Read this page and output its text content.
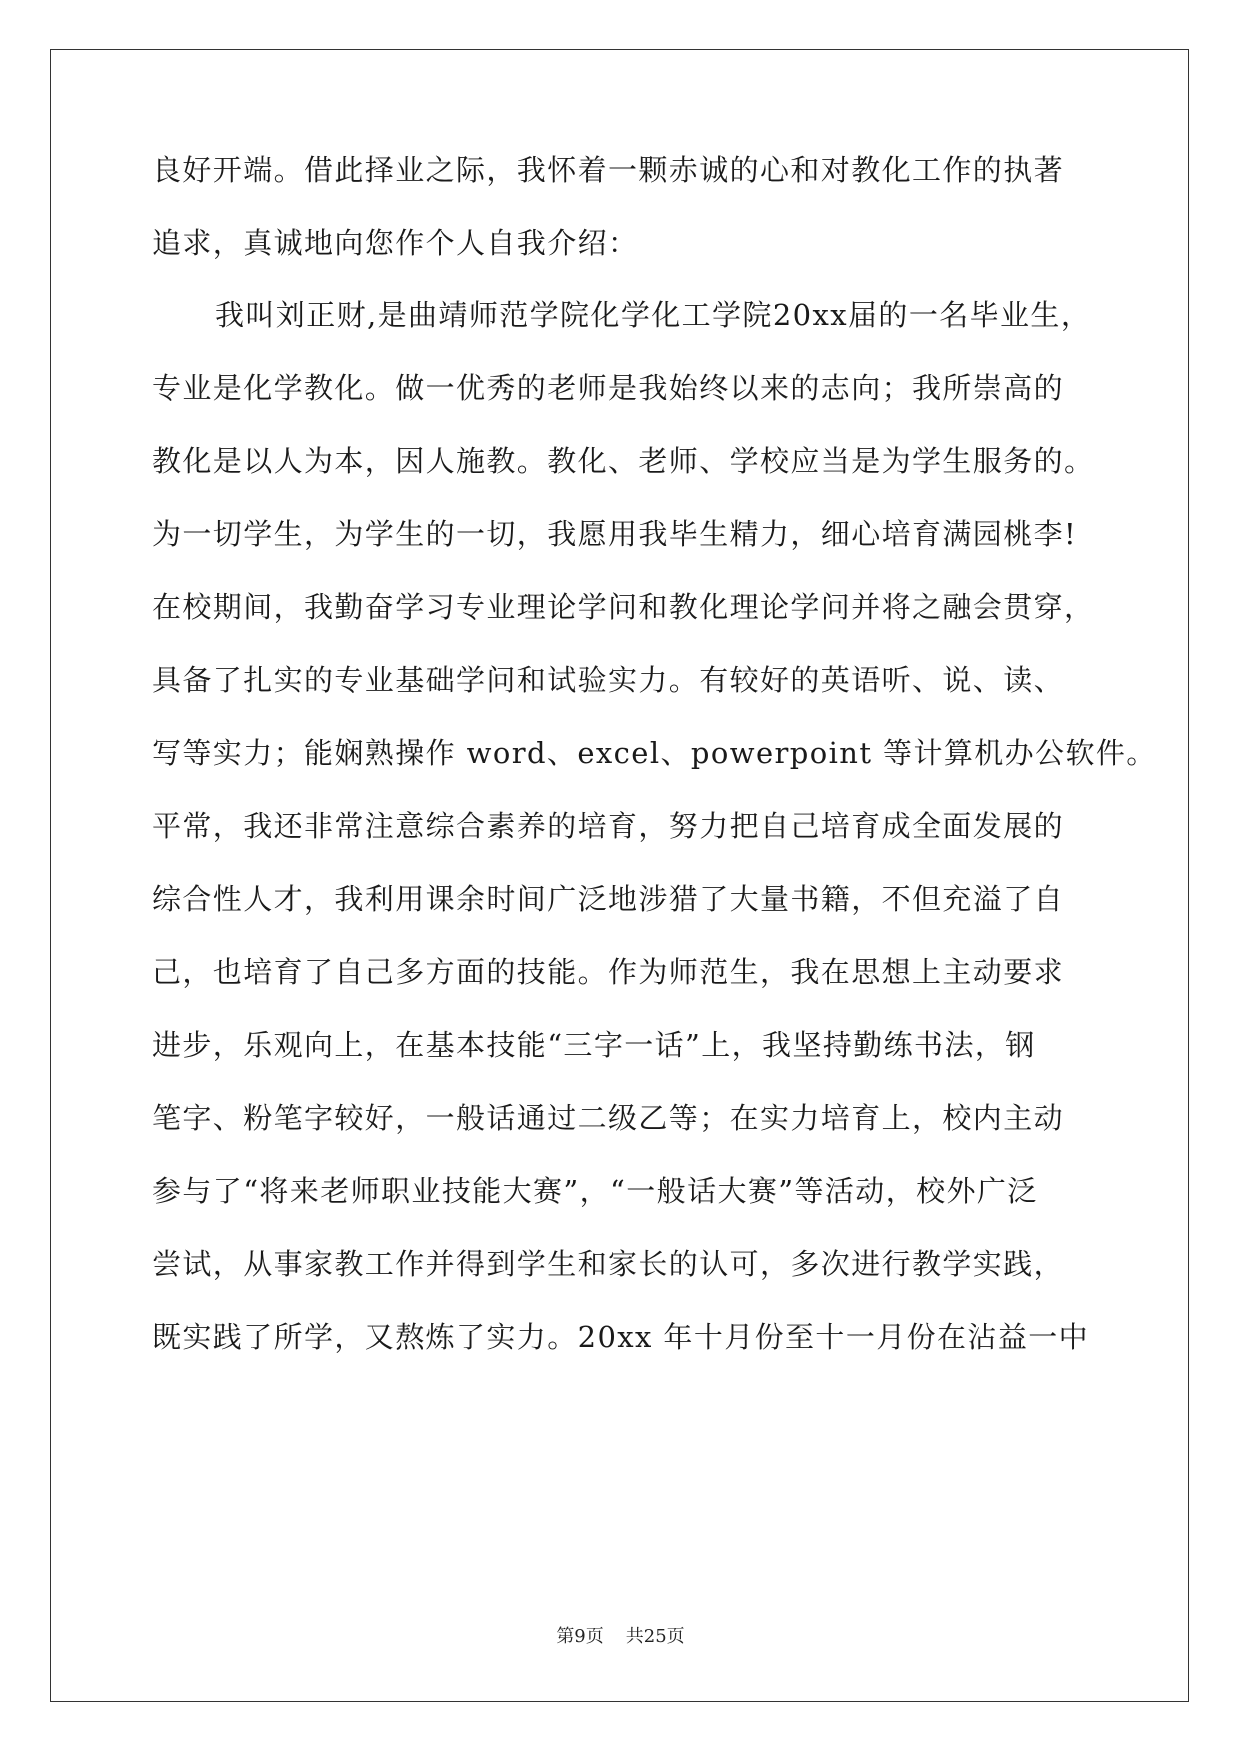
良好开端。借此择业之际，我怀着一颗赤诚的心和对教化工作的执著
追求，真诚地向您作个人自我介绍：
我叫刘正财,是曲靖师范学院化学化工学院20xx届的一名毕业生，
专业是化学教化。做一优秀的老师是我始终以来的志向；我所崇高的
教化是以人为本，因人施教。教化、老师、学校应当是为学生服务的。
为一切学生，为学生的一切，我愿用我毕生精力，细心培育满园桃李!
在校期间，我勤奋学习专业理论学问和教化理论学问并将之融会贯穿，
具备了扎实的专业基础学问和试验实力。有较好的英语听、说、读、
写等实力；能娴熟操作 word、excel、powerpoint 等计算机办公软件。
平常，我还非常注意综合素养的培育，努力把自己培育成全面发展的
综合性人才，我利用课余时间广泛地涉猎了大量书籍，不但充溢了自
己，也培育了自己多方面的技能。作为师范生，我在思想上主动要求
进步，乐观向上，在基本技能“三字一话”上，我坚持勤练书法，钢
笔字、粉笔字较好，一般话通过二级乙等；在实力培育上，校内主动
参与了“将来老师职业技能大赛”，“一般话大赛”等活动，校外广泛
尝试，从事家教工作并得到学生和家长的认可，多次进行教学实践，
既实践了所学，又熬炼了实力。20xx 年十月份至十一月份在沾益一中
第9页 共25页
